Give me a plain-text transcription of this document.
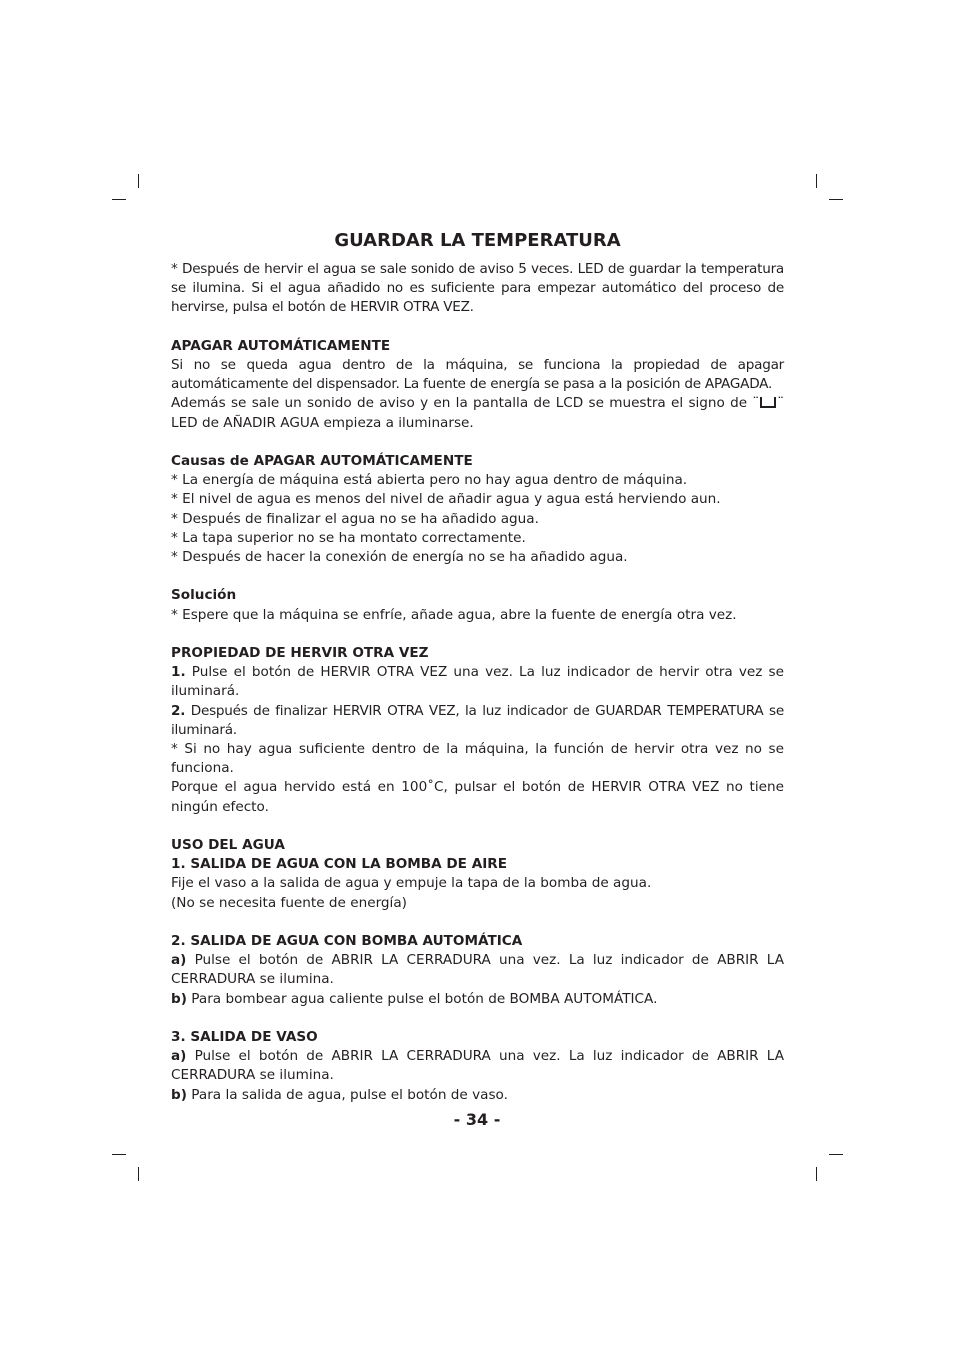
GUARDAR LA TEMPERATURA

* Después de hervir el agua se sale sonido de aviso 5 veces. LED de guardar la temperatura se ilumina. Si el agua añadido no es suficiente para empezar automático del proceso de hervirse, pulsa el botón de HERVIR OTRA VEZ.

APAGAR AUTOMÁTICAMENTE

Si no se queda agua dentro de la máquina, se funciona la propiedad de apagar automáticamente del dispensador. La fuente de energía se pasa a la posición de APAGADA.

Además se sale un sonido de aviso y en la pantalla de LCD se muestra el signo de ¨ ¨ LED de AÑADIR AGUA empieza a iluminarse.

Causas de APAGAR AUTOMÁTICAMENTE

* La energía de máquina está abierta pero no hay agua dentro de máquina.

* El nivel de agua es menos del nivel de añadir agua y agua está herviendo aun.

* Después de finalizar el agua no se ha añadido agua.

* La tapa superior no se ha montato correctamente.

* Después de hacer la conexión de energía no se ha añadido agua.

Solución

* Espere que la máquina se enfríe, añade agua, abre la fuente de energía otra vez.

PROPIEDAD DE HERVIR OTRA VEZ

1. Pulse el botón de HERVIR OTRA VEZ una vez. La luz indicador de hervir otra vez se iluminará.

2. Después de finalizar HERVIR OTRA VEZ, la luz indicador de GUARDAR TEMPERATURA se iluminará.

* Si no hay agua suficiente dentro de la máquina, la función de hervir otra vez no se funciona.

Porque el agua hervido está en 100˚C, pulsar el botón de HERVIR OTRA VEZ no tiene ningún efecto.

USO DEL AGUA

1. SALIDA DE AGUA CON LA BOMBA DE AIRE

Fije el vaso a la salida de agua y empuje la tapa de la bomba de agua.

(No se necesita fuente de energía)

2. SALIDA DE AGUA CON BOMBA AUTOMÁTICA

a) Pulse el botón de ABRIR LA CERRADURA una vez. La luz indicador de ABRIR LA CERRADURA se ilumina.

b) Para bombear agua caliente pulse el botón de BOMBA AUTOMÁTICA.

3. SALIDA DE VASO

a) Pulse el botón de ABRIR LA CERRADURA una vez. La luz indicador de ABRIR LA CERRADURA se ilumina.

b) Para la salida de agua, pulse el botón de vaso.

- 34 -
